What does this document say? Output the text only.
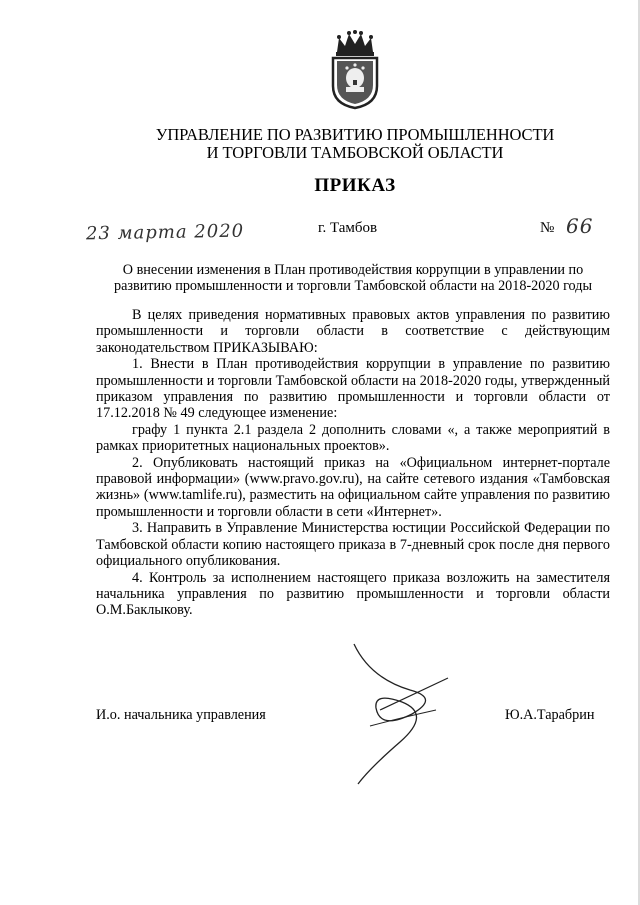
УПРАВЛЕНИЕ ПО РАЗВИТИЮ ПРОМЫШЛЕННОСТИ
И ТОРГОВЛИ ТАМБОВСКОЙ ОБЛАСТИ
ПРИКАЗ
23 марта 2020	г. Тамбов	№ 66
О внесении изменения в План противодействия коррупции в управлении по развитию промышленности и торговли Тамбовской области на 2018-2020 годы

В целях приведения нормативных правовых актов управления по развитию промышленности и торговли области в соответствие с действующим законодательством ПРИКАЗЫВАЮ:

1. Внести в План противодействия коррупции в управление по развитию промышленности и торговли Тамбовской области на 2018-2020 годы, утвержденный приказом управления по развитию промышленности и торговли области от 17.12.2018 № 49 следующее изменение:

графу 1 пункта 2.1 раздела 2 дополнить словами «, а также мероприятий в рамках приоритетных национальных проектов».

2. Опубликовать настоящий приказ на «Официальном интернет-портале правовой информации» (www.pravo.gov.ru), на сайте сетевого издания «Тамбовская жизнь» (www.tamlife.ru), разместить на официальном сайте управления по развитию промышленности и торговли области в сети «Интернет».

3. Направить в Управление Министерства юстиции Российской Федерации по Тамбовской области копию настоящего приказа в 7-дневный срок после дня первого официального опубликования.

4. Контроль за исполнением настоящего приказа возложить на заместителя начальника управления по развитию промышленности и торговли области О.М.Баклыкову.

И.о. начальника управления	Ю.А.Тарабрин
